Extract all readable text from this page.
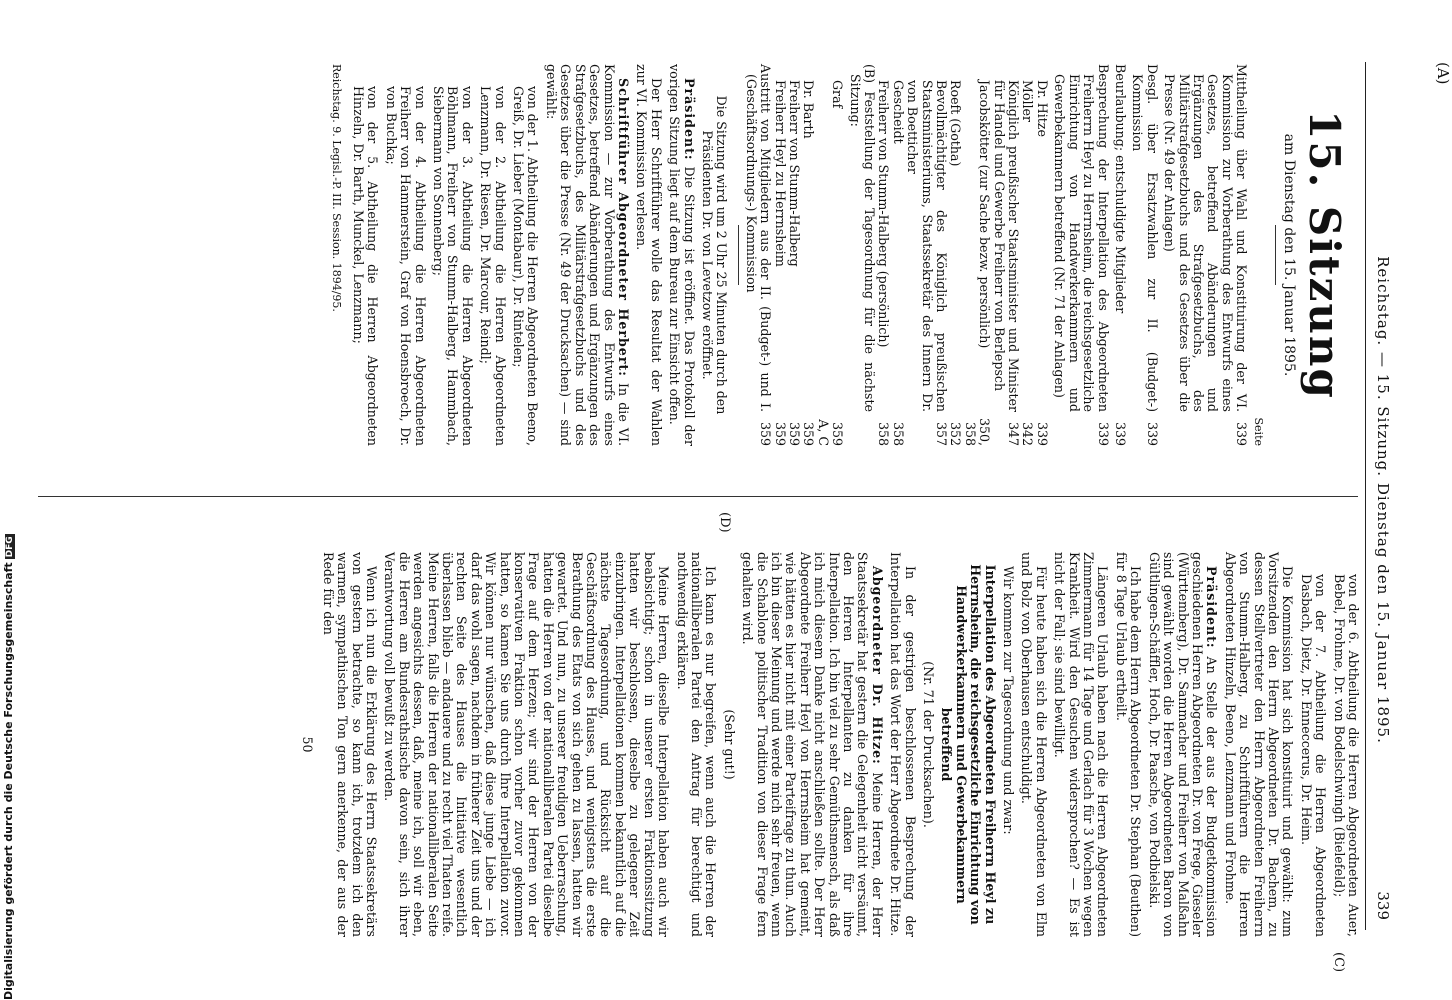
(A)
Reichstag. — 15. Sitzung. Dienstag den 15. Januar 1895.
339
15. Sitzung
am Dienstag den 15. Januar 1895.
Seite
Mittheilung über Wahl und Konstituirung der VI. Kommission zur Vorberathung des Entwurfs eines Gesetzes, betreffend Abänderungen und Ergänzungen des Strafgesetzbuchs, des Militärstrafgesetzbuchs und des Gesetzes über die Presse (Nr. 49 der Anlagen)
339
Desgl. über Ersatzwahlen zur II. (Budget-) Kommission
339
Beurlaubung; entschuldigte Mitglieder
339
Besprechung der Interpellation des Abgeordneten Freiherrn Heyl zu Herrnsheim, die reichsgesetzliche Einrichtung von Handwerkerkammern und Gewerbekammern betreffend (Nr. 71 der Anlagen)
339
Dr. Hitze
339
Möller
342
Königlich preußischer Staatsminister und Minister für Handel und Gewerbe Freiherr von Berlepsch
347
Jacobskötter (zur Sache bezw. persönlich)
350, 358
Roeft (Gotha)
352
Bevollmächtigter des Königlich preußischen Staatsministeriums, Staatssekretär des Innern Dr. von Boetticher
357
Gescheidt
358
Freiherr von Stumm-Halberg (persönlich)
358
(B) Feststellung der Tagesordnung für die nächste Sitzung:
Graf
359 A, C
Dr. Barth
359
Freiherr von Stumm-Halberg
359
Freiherr Heyl zu Herrnsheim
359
Austritt von Mitgliedern aus der II. (Budget-) und I. (Geschäftsordnungs-) Kommission
359

Die Sitzung wird um 2 Uhr 25 Minuten durch den Präsidenten Dr. von Levetzow eröffnet.

Präsident: Die Sitzung ist eröffnet. Das Protokoll der vorigen Sitzung liegt auf dem Bureau zur Einsicht offen.

Der Herr Schriftführer wolle das Resultat der Wahlen zur VI. Kommission verlesen.

Schriftführer Abgeordneter Herbert: In die VI. Kommission — zur Vorberathung des Entwurfs eines Gesetzes, betreffend Abänderungen und Ergänzungen des Strafgesetzbuchs, des Militärstrafgesetzbuchs und des Gesetzes über die Presse (Nr. 49 der Drucksachen) — sind gewählt:

von der 1. Abtheilung die Herren Abgeordneten Beeno, Greiß, Dr. Lieber (Montabaur), Dr. Rintelen;

von der 2. Abtheilung die Herren Abgeordneten Lenzmann, Dr. Riesen, Dr. Marcour, Reindl;

von der 3. Abtheilung die Herren Abgeordneten Böhlmann, Freiherr von Stumm-Halberg, Hammbach, Siebermann von Sonnenberg;

von der 4. Abtheilung die Herren Abgeordneten Freiherr von Hammerstein, Graf von Hoensbroech, Dr. von Buchka;

von der 5. Abtheilung die Herren Abgeordneten Hinzeln, Dr. Barth, Munckel, Lenzmann;

Reichstag. 9. Legisl.-P. III. Session. 1894/95.

von der 6. Abtheilung die Herren Abgeordneten Auer, Bebel, Frohme, Dr. von Bodelschwingh (Bielefeld);

von der 7. Abtheilung die Herren Abgeordneten Dasbach, Dietz, Dr. Enneccerus, Dr. Heim.

Die Kommission hat sich konstituirt und gewählt: zum Vorsitzenden den Herrn Abgeordneten Dr. Bachem, zu dessen Stellvertreter den Herrn Abgeordneten Freiherrn von Stumm-Halberg, zu Schriftführern die Herren Abgeordneten Hinzeln, Beeno, Lenzmann und Frohme.

Präsident: An Stelle der aus der Budgetkommission geschiedenen Herren Abgeordneten Dr. von Frege, Gieseler (Württemberg), Dr. Sammacher und Freiherr von Malßahn sind gewählt worden die Herren Abgeordneten Baron von Gültlingen-Schäffler, Hoch, Dr. Paasche, von Podbielski.

Ich habe dem Herrn Abgeordneten Dr. Stephan (Beuthen) für 8 Tage Urlaub ertheilt.

Längeren Urlaub haben nach die Herren Abgeordneten Zimmermann für 14 Tage und Gerlach für 3 Wochen wegen Krankheit. Wird den Gesuchen widersprochen? — Es ist nicht der Fall; sie sind bewilligt.

Für heute haben sich die Herren Abgeordneten von Elm und Bolz von Oberhausen entschuldigt.

Wir kommen zur Tagesordnung und zwar:

Interpellation des Abgeordneten Freiherrn Heyl zu Herrnsheim, die reichsgesetzliche Einrichtung von Handwerkerkammern und Gewerbekammern betreffend

(Nr. 71 der Drucksachen).

In der gestrigen beschlossenen Besprechung der Interpellation hat das Wort der Herr Abgeordnete Dr. Hitze.

Abgeordneter Dr. Hitze: Meine Herren, der Herr Staatssekretär hat gestern die Gelegenheit nicht versäumt, den Herren Interpellanten zu danken für ihre Interpellation. Ich bin viel zu sehr Gemüthsmensch, als daß ich mich diesem Danke nicht anschließen sollte. Der Herr Abgeordnete Freiherr Heyl von Herrnsheim hat gemeint, wie hätten es hier nicht mit einer Parteifrage zu thun. Auch ich bin dieser Meinung und werde mich sehr freuen, wenn die Schablone politischer Tradition von dieser Frage fern gehalten wird.

(Sehr gut!)

Ich kann es nur begreifen, wenn auch die Herren der nationalliberalen Partei den Antrag für berechtigt und nothwendig erklären.

Meine Herren, dieselbe Interpellation haben auch wir beabsichtigt; schon in unserer ersten Fraktionssitzung hatten wir beschlossen, dieselbe zu gelegener Zeit einzubringen. Interpellationen kommen bekanntlich auf die nächste Tagesordnung, und Rücksicht auf die Geschäftsordnung des Hauses, und wenigstens die erste Berathung des Etats von sich gehen zu lassen, hatten wir gewartet. Und nun, zu unserer freudigen Ueberraschung, hatten die Herren von der nationalliberalen Partei dieselbe Frage auf dem Herzen; wir sind der Herren von der konservativen Fraktion schon vorher zuvor gekommen hatten, so kamen Sie uns durch Ihre Interpellation zuvor. Wir können nur wünschen, daß diese junge Liebe — ich darf das wohl sagen, nachdem in früherer Zeit uns und der rechten Seite des Hauses die Initiative wesentlich überlassen blieb — andauere und zu recht viel Thaten reife. Meine Herren, falls die Herren der nationalliberalen Seite werden angesichts dessen, daß, meine ich, soll wir eben, die Herren am Bundesrathstische davon sein, sich ihrer Verantwortung voll bewußt zu werden.

Wenn ich nun die Erklärung des Herrn Staatssekretärs von gestern betrachte, so kann ich, trotzdem ich den warmen, sympathischen Ton gern anerkenne, der aus der Rede für den

50

(C)
(D)
Digitalisierung gefördert durch die Deutsche ForschungsgemeinschaftDFG
